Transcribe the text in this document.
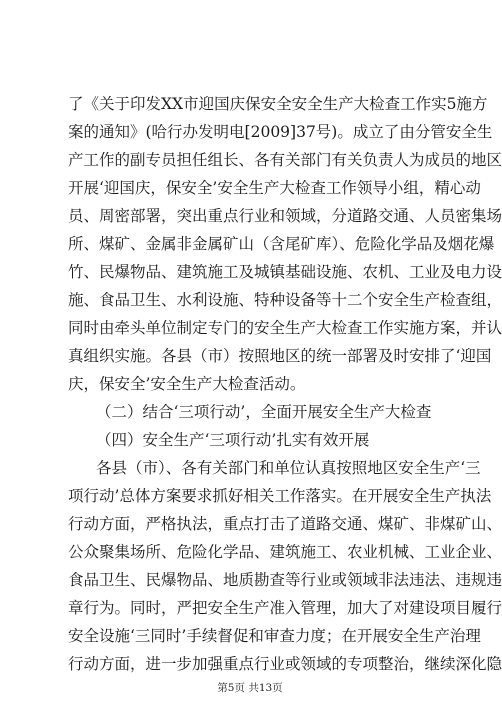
了《关于印发XX市迎国庆保安全安全生产大检查工作实5施方
案的通知》(哈行办发明电[2009]37号)。成立了由分管安全生
产工作的副专员担任组长、各有关部门有关负责人为成员的地区
开展‘迎国庆，保安全’安全生产大检查工作领导小组，精心动
员、周密部署，突出重点行业和领域，分道路交通、人员密集场
所、煤矿、金属非金属矿山（含尾矿库）、危险化学品及烟花爆
竹、民爆物品、建筑施工及城镇基础设施、农机、工业及电力设
施、食品卫生、水利设施、特种设备等十二个安全生产检查组，
同时由牵头单位制定专门的安全生产大检查工作实施方案，并认
真组织实施。各县（市）按照地区的统一部署及时安排了‘迎国
庆，保安全’安全生产大检查活动。
（二）结合‘三项行动’，全面开展安全生产大检查
（四）安全生产‘三项行动’扎实有效开展
各县（市）、各有关部门和单位认真按照地区安全生产‘三
项行动’总体方案要求抓好相关工作落实。在开展安全生产执法
行动方面，严格执法，重点打击了道路交通、煤矿、非煤矿山、
公众聚集场所、危险化学品、建筑施工、农业机械、工业企业、
食品卫生、民爆物品、地质勘查等行业或领域非法违法、违规违
章行为。同时，严把安全生产准入管理，加大了对建设项目履行
安全设施‘三同时’手续督促和审查力度；在开展安全生产治理
行动方面，进一步加强重点行业或领域的专项整治，继续深化隐
第5页 共13页
